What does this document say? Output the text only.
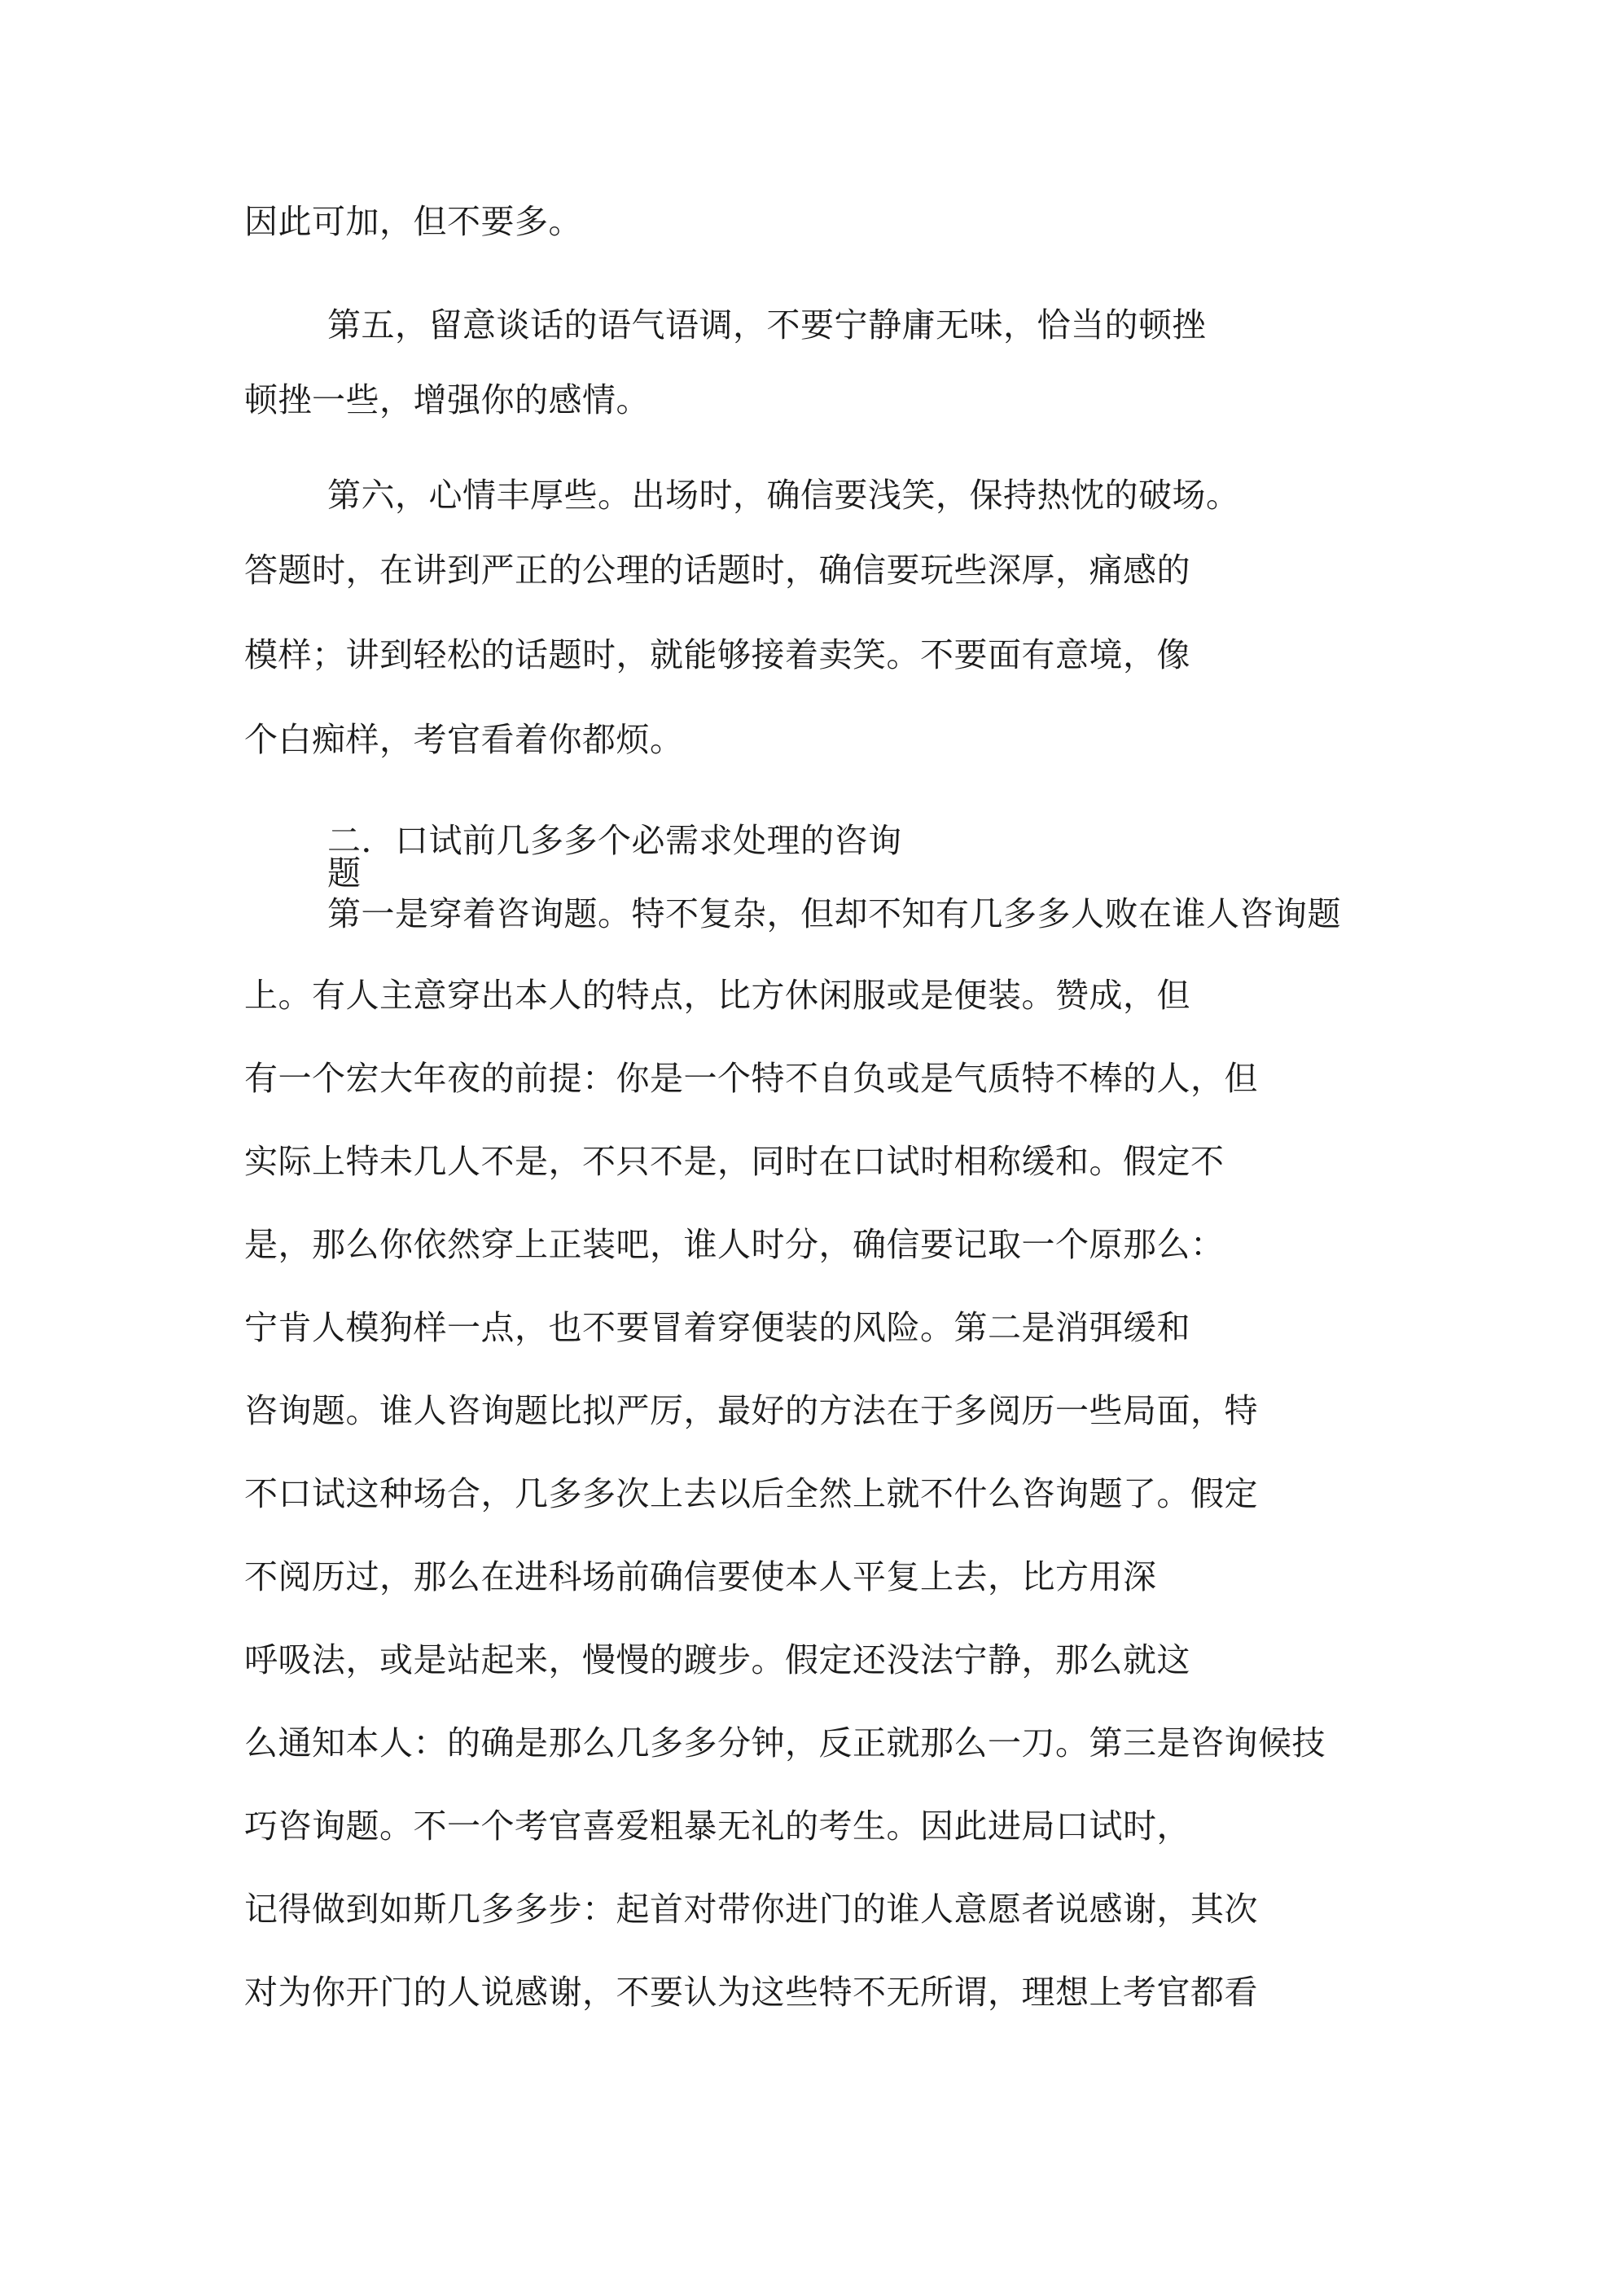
因此可加，但不要多。
第五，留意谈话的语气语调，不要宁静庸无味，恰当的顿挫
顿挫一些，增强你的感情。
第六，心情丰厚些。出场时，确信要浅笑，保持热忱的破场。
答题时，在讲到严正的公理的话题时，确信要玩些深厚，痛感的
模样；讲到轻松的话题时，就能够接着卖笑。不要面有意境，像
个白痴样，考官看着你都烦。
二．口试前几多多个必需求处理的咨询
题
第一是穿着咨询题。特不复杂，但却不知有几多多人败在谁人咨询题
上。有人主意穿出本人的特点，比方休闲服或是便装。赞成，但
有一个宏大年夜的前提：你是一个特不自负或是气质特不棒的人，但
实际上特未几人不是，不只不是，同时在口试时相称缓和。假定不
是，那么你依然穿上正装吧，谁人时分，确信要记取一个原那么：
宁肯人模狗样一点，也不要冒着穿便装的风险。第二是消弭缓和
咨询题。谁人咨询题比拟严厉，最好的方法在于多阅历一些局面，特
不口试这种场合，几多多次上去以后全然上就不什么咨询题了。假定
不阅历过，那么在进科场前确信要使本人平复上去，比方用深
呼吸法，或是站起来，慢慢的踱步。假定还没法宁静，那么就这
么通知本人：的确是那么几多多分钟，反正就那么一刀。第三是咨询候技
巧咨询题。不一个考官喜爱粗暴无礼的考生。因此进局口试时，
记得做到如斯几多多步：起首对带你进门的谁人意愿者说感谢，其次
对为你开门的人说感谢，不要认为这些特不无所谓，理想上考官都看
